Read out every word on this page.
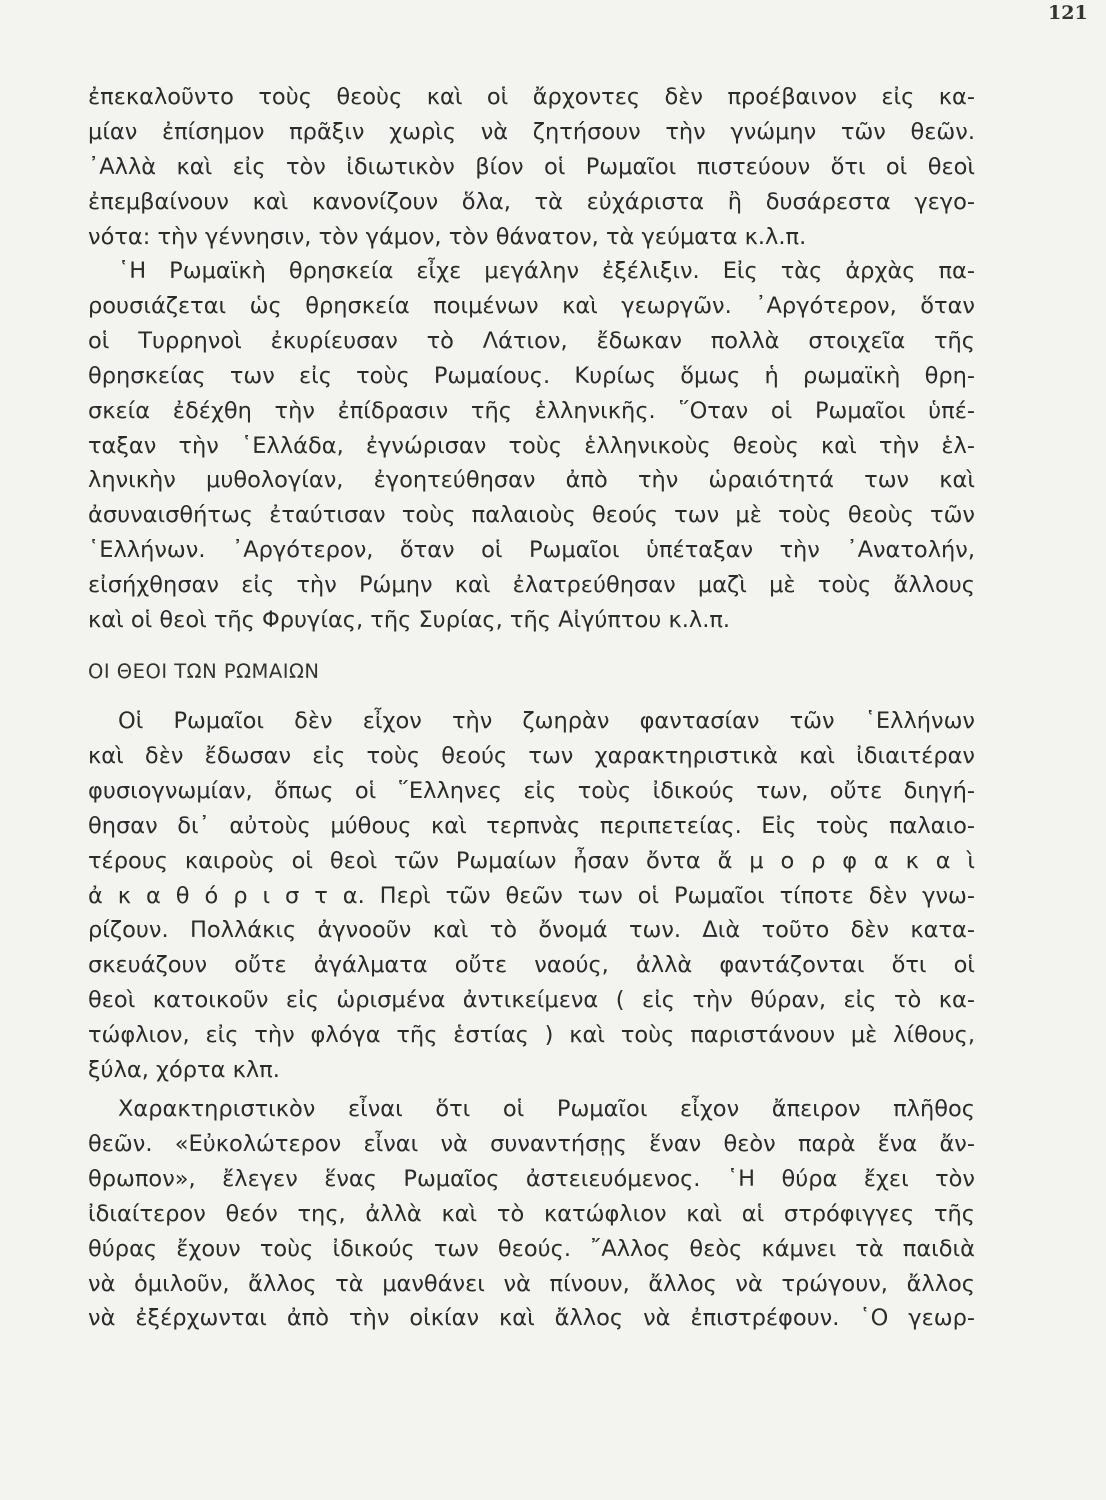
121
ΟΙ ΘΕΟΙ ΤΩΝ ΡΩΜΑΙΩΝ
ἐπεκαλοῦντο τοὺς θεοὺς καὶ οἱ ἄρχοντες δὲν προέβαινον εἰς κα-
μίαν ἐπίσημον πρᾶξιν χωρὶς νὰ ζητήσουν τὴν γνώμην τῶν θεῶν.
᾿Αλλὰ καὶ εἰς τὸν ἰδιωτικὸν βίον οἱ Ρωμαῖοι πιστεύουν ὅτι οἱ θεοὶ
ἐπεμβαίνουν καὶ κανονίζουν ὅλα, τὰ εὐχάριστα ἢ δυσάρεστα γεγο-
νότα: τὴν γέννησιν, τὸν γάμον, τὸν θάνατον, τὰ γεύματα κ.λ.π.
῾Η Ρωμαϊκὴ θρησκεία εἶχε μεγάλην ἐξέλιξιν. Εἰς τὰς ἀρχὰς πα-
ρουσιάζεται ὡς θρησκεία ποιμένων καὶ γεωργῶν. ᾿Αργότερον, ὅταν
οἱ Τυρρηνοὶ ἐκυρίευσαν τὸ Λάτιον, ἔδωκαν πολλὰ στοιχεῖα τῆς
θρησκείας των εἰς τοὺς Ρωμαίους. Κυρίως ὅμως ἡ ρωμαϊκὴ θρη-
σκεία ἐδέχθη τὴν ἐπίδρασιν τῆς ἑλληνικῆς. ῞Οταν οἱ Ρωμαῖοι ὑπέ-
ταξαν τὴν ῾Ελλάδα, ἐγνώρισαν τοὺς ἑλληνικοὺς θεοὺς καὶ τὴν ἑλ-
ληνικὴν μυθολογίαν, ἐγοητεύθησαν ἀπὸ τὴν ὡραιότητά των καὶ
ἀσυναισθήτως ἐταύτισαν τοὺς παλαιοὺς θεούς των μὲ τοὺς θεοὺς τῶν
῾Ελλήνων. ᾿Αργότερον, ὅταν οἱ Ρωμαῖοι ὑπέταξαν τὴν ᾿Ανατολήν,
εἰσήχθησαν εἰς τὴν Ρώμην καὶ ἐλατρεύθησαν μαζὶ μὲ τοὺς ἄλλους
καὶ οἱ θεοὶ τῆς Φρυγίας, τῆς Συρίας, τῆς Αἰγύπτου κ.λ.π.
Οἱ Ρωμαῖοι δὲν εἶχον τὴν ζωηρὰν φαντασίαν τῶν ῾Ελλήνων
καὶ δὲν ἔδωσαν εἰς τοὺς θεούς των χαρακτηριστικὰ καὶ ἰδιαιτέραν
φυσιογνωμίαν, ὅπως οἱ ῞Ελληνες εἰς τοὺς ἰδικούς των, οὔτε διηγή-
θησαν δι᾿ αὐτοὺς μύθους καὶ τερπνὰς περιπετείας. Εἰς τοὺς παλαιο-
τέρους καιροὺς οἱ θεοὶ τῶν Ρωμαίων ἦσαν ὄντα ἄ μ ο ρ φ α κ α ὶ
ἀ κ α θ ό ρ ι σ τ α. Περὶ τῶν θεῶν των οἱ Ρωμαῖοι τίποτε δὲν γνω-
ρίζουν. Πολλάκις ἀγνοοῦν καὶ τὸ ὄνομά των. Διὰ τοῦτο δὲν κατα-
σκευάζουν οὔτε ἀγάλματα οὔτε ναούς, ἀλλὰ φαντάζονται ὅτι οἱ
θεοὶ κατοικοῦν εἰς ὡρισμένα ἀντικείμενα ( εἰς τὴν θύραν, εἰς τὸ κα-
τώφλιον, εἰς τὴν φλόγα τῆς ἑστίας ) καὶ τοὺς παριστάνουν μὲ λίθους,
ξύλα, χόρτα κλπ.
Χαρακτηριστικὸν εἶναι ὅτι οἱ Ρωμαῖοι εἶχον ἄπειρον πλῆθος
θεῶν. «Εὐκολώτερον εἶναι νὰ συναντήσῃς ἕναν θεὸν παρὰ ἕνα ἄν-
θρωπον», ἔλεγεν ἕνας Ρωμαῖος ἀστειευόμενος. ῾Η θύρα ἔχει τὸν
ἰδιαίτερον θεόν της, ἀλλὰ καὶ τὸ κατώφλιον καὶ αἱ στρόφιγγες τῆς
θύρας ἔχουν τοὺς ἰδικούς των θεούς. ῎Αλλος θεὸς κάμνει τὰ παιδιὰ
νὰ ὁμιλοῦν, ἄλλος τὰ μανθάνει νὰ πίνουν, ἄλλος νὰ τρώγουν, ἄλλος
νὰ ἐξέρχωνται ἀπὸ τὴν οἰκίαν καὶ ἄλλος νὰ ἐπιστρέφουν. ῾Ο γεωρ-
